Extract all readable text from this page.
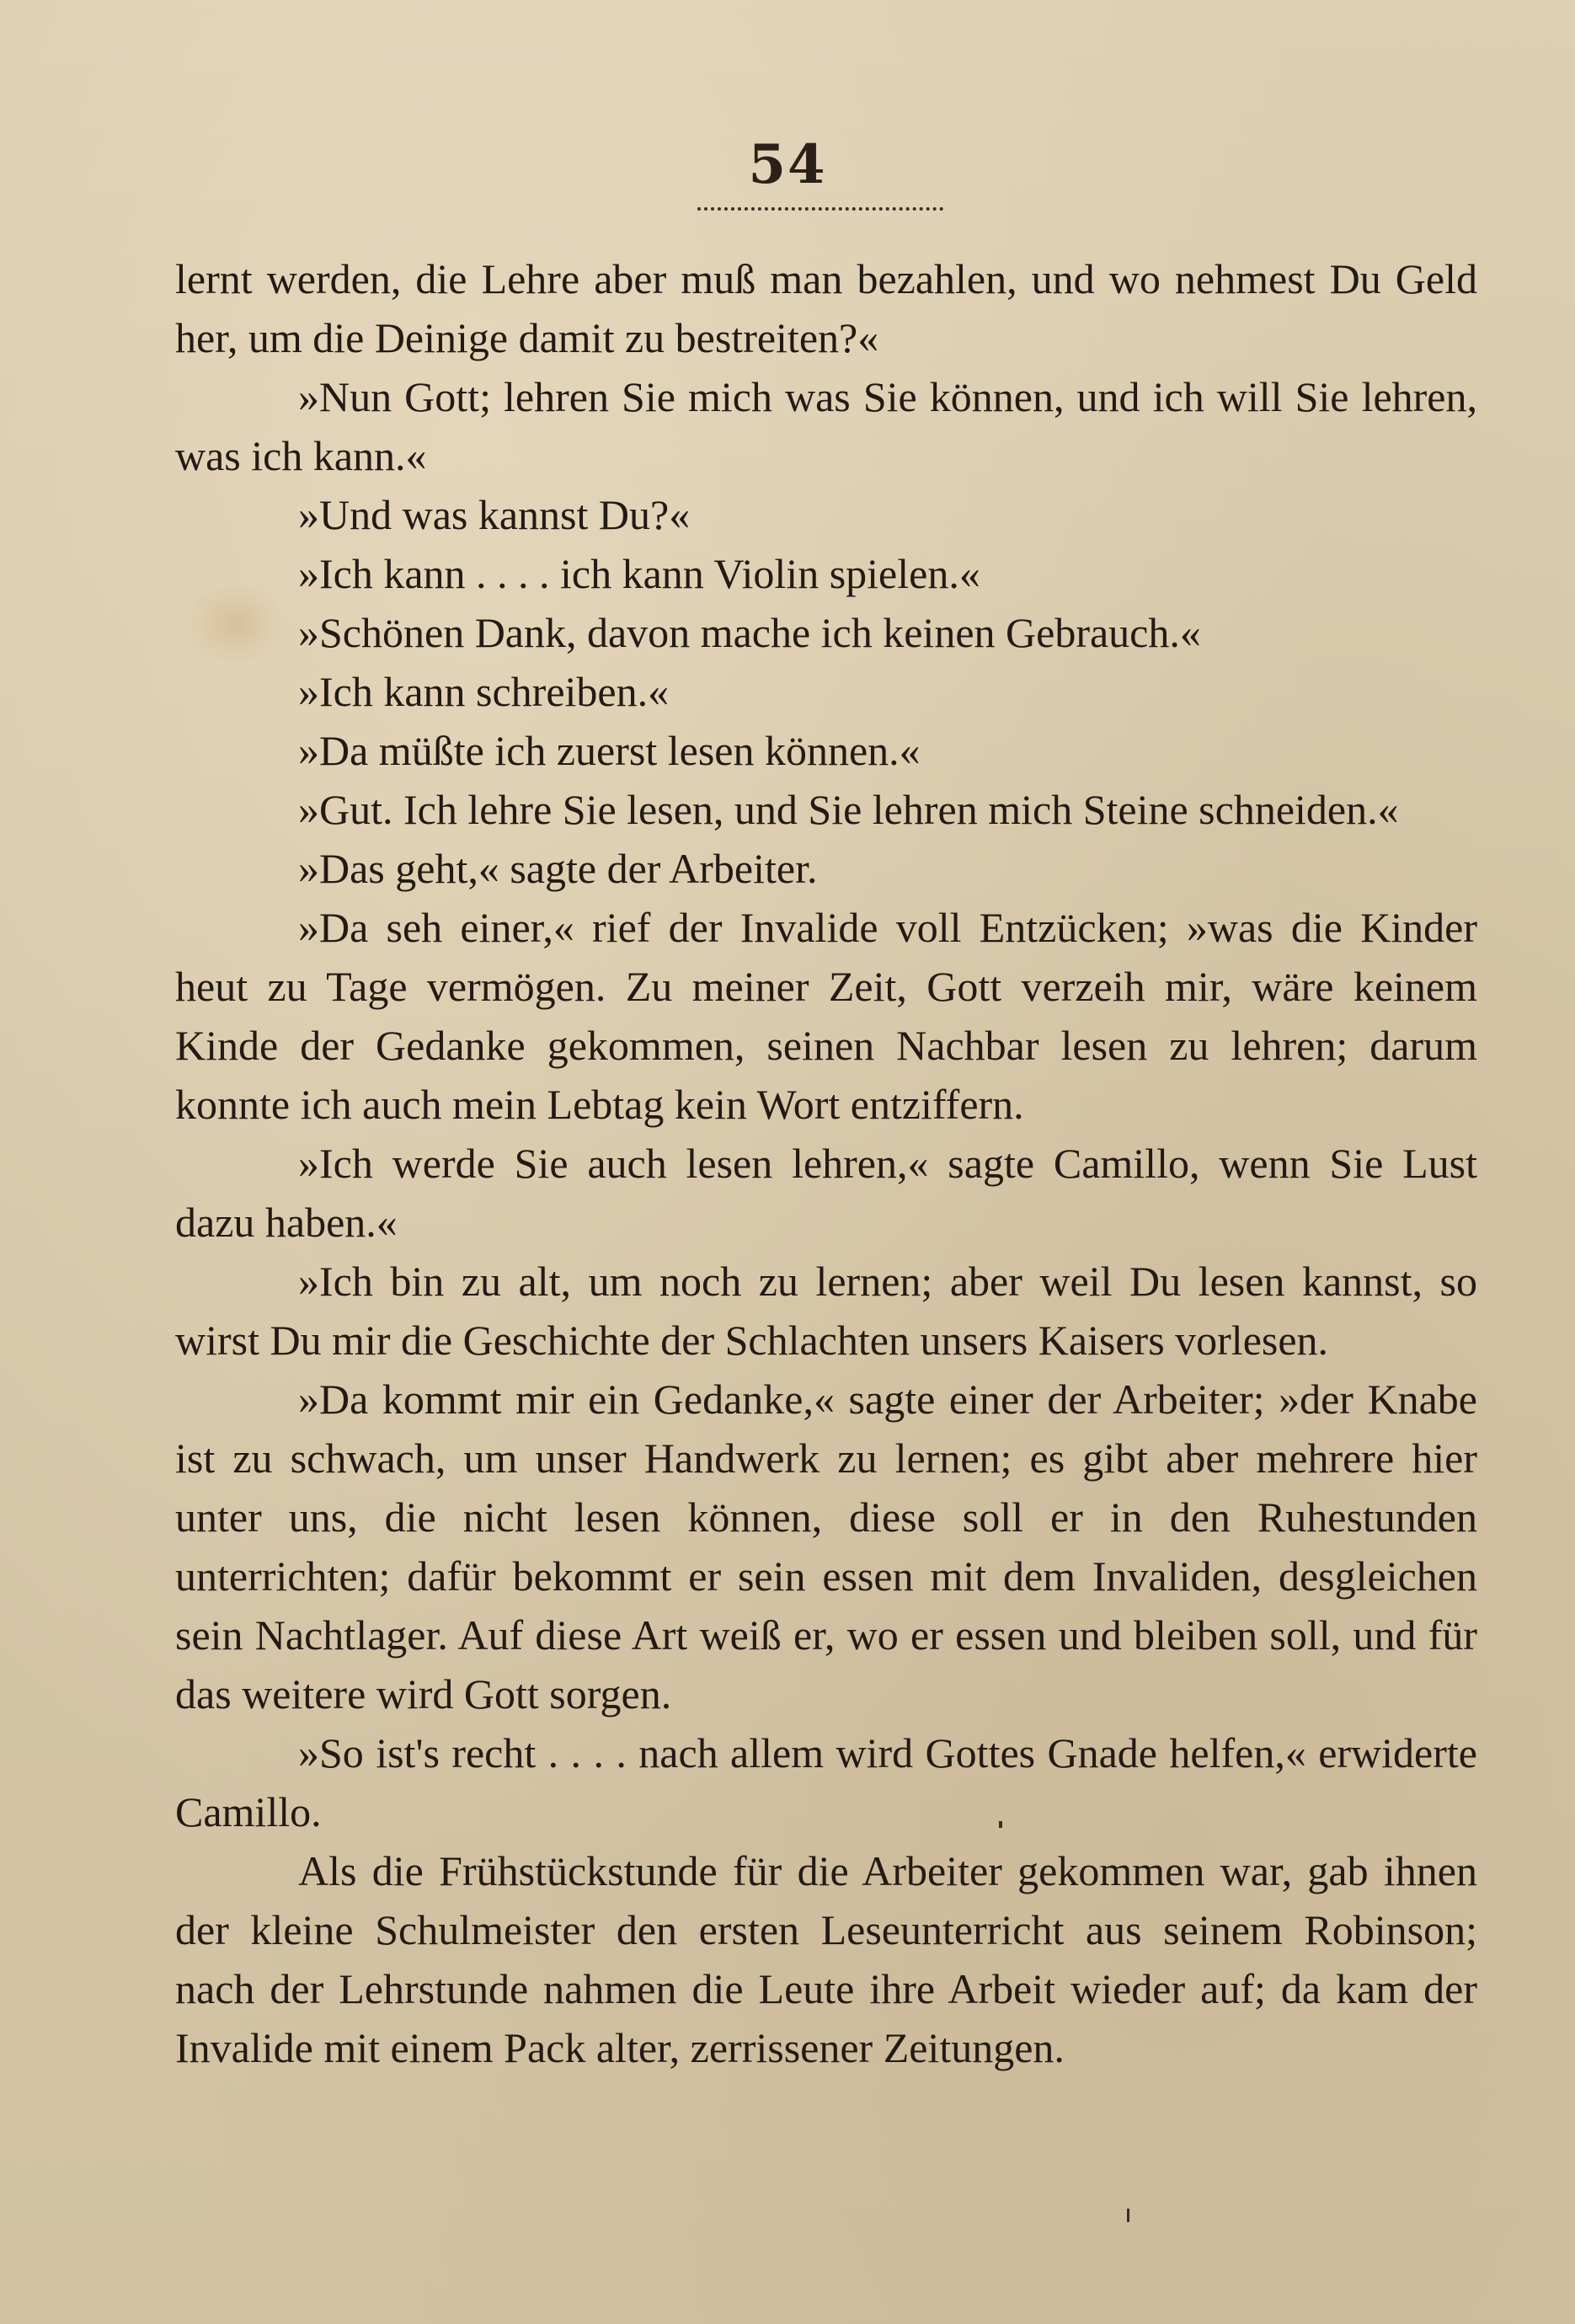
54

lernt werden, die Lehre aber muß man bezahlen, und wo nehmest Du Geld her, um die Deinige damit zu bestreiten?«

»Nun Gott; lehren Sie mich was Sie können, und ich will Sie lehren, was ich kann.«

»Und was kannst Du?«

»Ich kann . . . . ich kann Violin spielen.«

»Schönen Dank, davon mache ich keinen Gebrauch.«

»Ich kann schreiben.«

»Da müßte ich zuerst lesen können.«

»Gut. Ich lehre Sie lesen, und Sie lehren mich Steine schneiden.«

»Das geht,« sagte der Arbeiter.

»Da seh einer,« rief der Invalide voll Entzücken; »was die Kinder heut zu Tage vermögen. Zu meiner Zeit, Gott verzeih mir, wäre keinem Kinde der Gedanke gekommen, seinen Nachbar lesen zu lehren; darum konnte ich auch mein Lebtag kein Wort entziffern.

»Ich werde Sie auch lesen lehren,« sagte Camillo, wenn Sie Lust dazu haben.«

»Ich bin zu alt, um noch zu lernen; aber weil Du lesen kannst, so wirst Du mir die Geschichte der Schlachten unsers Kaisers vorlesen.

»Da kommt mir ein Gedanke,« sagte einer der Arbeiter; »der Knabe ist zu schwach, um unser Handwerk zu lernen; es gibt aber mehrere hier unter uns, die nicht lesen können, diese soll er in den Ruhestunden unterrichten; dafür bekommt er sein essen mit dem Invaliden, desgleichen sein Nachtlager. Auf diese Art weiß er, wo er essen und bleiben soll, und für das weitere wird Gott sorgen.

»So ist's recht . . . . nach allem wird Gottes Gnade helfen,« erwiderte Camillo.

Als die Frühstückstunde für die Arbeiter gekommen war, gab ihnen der kleine Schulmeister den ersten Leseunterricht aus seinem Robinson; nach der Lehrstunde nahmen die Leute ihre Arbeit wieder auf; da kam der Invalide mit einem Pack alter, zerrissener Zeitungen.
